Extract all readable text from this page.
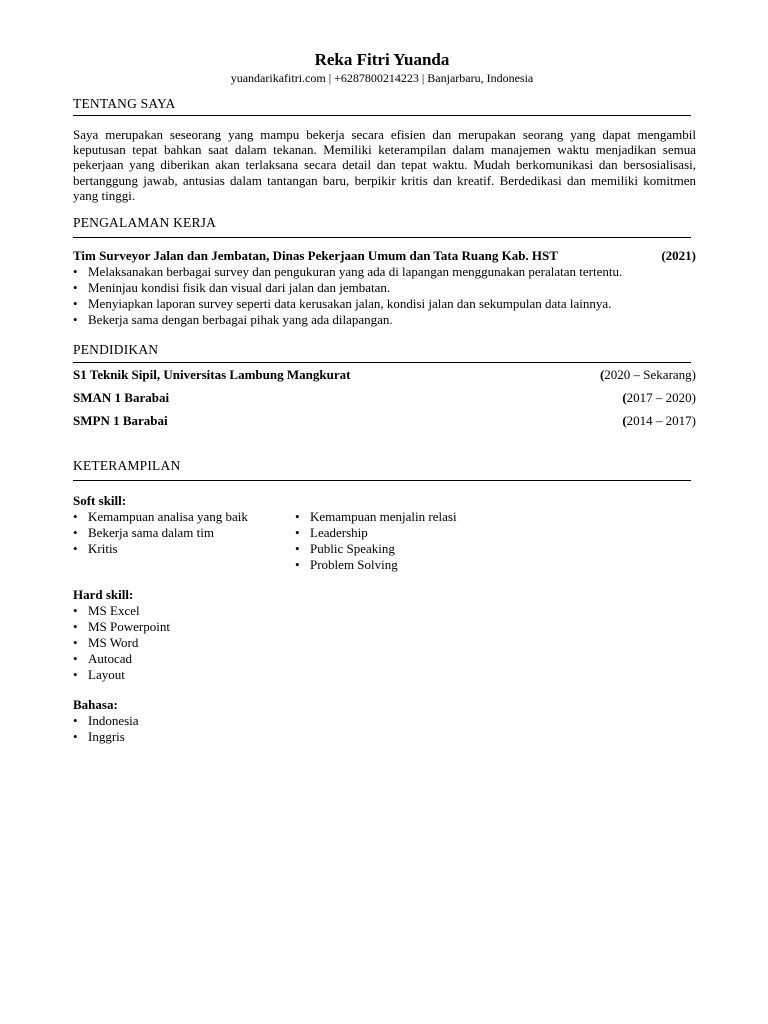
Reka Fitri Yuanda
yuandarikafitri.com | +6287800214223 | Banjarbaru, Indonesia
TENTANG SAYA

Saya merupakan seseorang yang mampu bekerja secara efisien dan merupakan seorang yang dapat mengambil keputusan tepat bahkan saat dalam tekanan. Memiliki keterampilan dalam manajemen waktu menjadikan semua pekerjaan yang diberikan akan terlaksana secara detail dan tepat waktu. Mudah berkomunikasi dan bersosialisasi, bertanggung jawab, antusias dalam tantangan baru, berpikir kritis dan kreatif. Berdedikasi dan memiliki komitmen yang tinggi.

PENGALAMAN KERJA
Tim Surveyor Jalan dan Jembatan, Dinas Pekerjaan Umum dan Tata Ruang Kab. HST	(2021)
• Melaksanakan berbagai survey dan pengukuran yang ada di lapangan menggunakan peralatan tertentu.
• Meninjau kondisi fisik dan visual dari jalan dan jembatan.
• Menyiapkan laporan survey seperti data kerusakan jalan, kondisi jalan dan sekumpulan data lainnya.
• Bekerja sama dengan berbagai pihak yang ada dilapangan.
PENDIDIKAN
S1 Teknik Sipil, Universitas Lambung Mangkurat	(2020 – Sekarang)
SMAN 1 Barabai	(2017 – 2020)
SMPN 1 Barabai	(2014 – 2017)
KETERAMPILAN
Soft skill:
• Kemampuan analisa yang baik
• Bekerja sama dalam tim
• Kritis
• Kemampuan menjalin relasi
• Leadership
• Public Speaking
• Problem Solving
Hard skill:
• MS Excel
• MS Powerpoint
• MS Word
• Autocad
• Layout
Bahasa:
• Indonesia
• Inggris
